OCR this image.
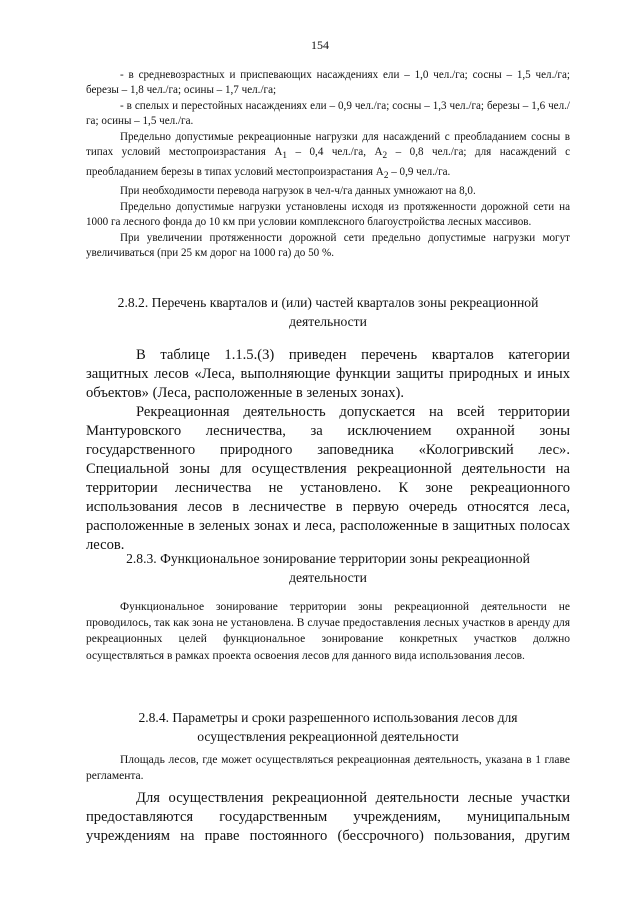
154

- в средневозрастных и приспевающих насаждениях ели – 1,0 чел./га; сосны – 1,5 чел./га; березы – 1,8 чел./га; осины – 1,7 чел./га;

- в спелых и перестойных насаждениях ели – 0,9 чел./га; сосны – 1,3 чел./га; березы – 1,6 чел./га; осины – 1,5 чел./га.

Предельно допустимые рекреационные нагрузки для насаждений с преобладанием сосны в типах условий местопроизрастания $А_1 - 0,4$ чел./га, $А_2 - 0,8$ чел./га; для насаждений с преобладанием березы в типах условий местопроизрастания $А_2 - 0,9$ чел./га.

При необходимости перевода нагрузок в чел-ч/га данных умножают на 8,0.

Предельно допустимые нагрузки установлены исходя из протяженности дорожной сети на 1000 га лесного фонда до 10 км при условии комплексного благоустройства лесных массивов.

При увеличении протяженности дорожной сети предельно допустимые нагрузки могут увеличиваться (при 25 км дорог на 1000 га) до 50 %.

2.8.2. Перечень кварталов и (или) частей кварталов зоны рекреационной
деятельности

В таблице 1.1.5.(3) приведен перечень кварталов категории защитных лесов «Леса, выполняющие функции защиты природных и иных объектов» (Леса, расположенные в зеленых зонах).

Рекреационная деятельность допускается на всей территории Мантуровского лесничества, за исключением охранной зоны государственного природного заповедника «Кологривский лес». Специальной зоны для осуществления рекреационной деятельности на территории лесничества не установлено. К зоне рекреационного использования лесов в лесничестве в первую очередь относятся леса, расположенные в зеленых зонах и леса, расположенные в защитных полосах лесов.

2.8.3. Функциональное зонирование территории зоны рекреационной
деятельности

Функциональное зонирование территории зоны рекреационной деятельности не проводилось, так как зона не установлена. В случае предоставления лесных участков в аренду для рекреационных целей функциональное зонирование конкретных участков должно осуществляться в рамках проекта освоения лесов для данного вида использования лесов.

2.8.4. Параметры и сроки разрешенного использования лесов для
осуществления рекреационной деятельности

Площадь лесов, где может осуществляться рекреационная деятельность, указана в 1 главе регламента.

Для осуществления рекреационной деятельности лесные участки предоставляются государственным учреждениям, муниципальным учреждениям на праве постоянного (бессрочного) пользования, другим
